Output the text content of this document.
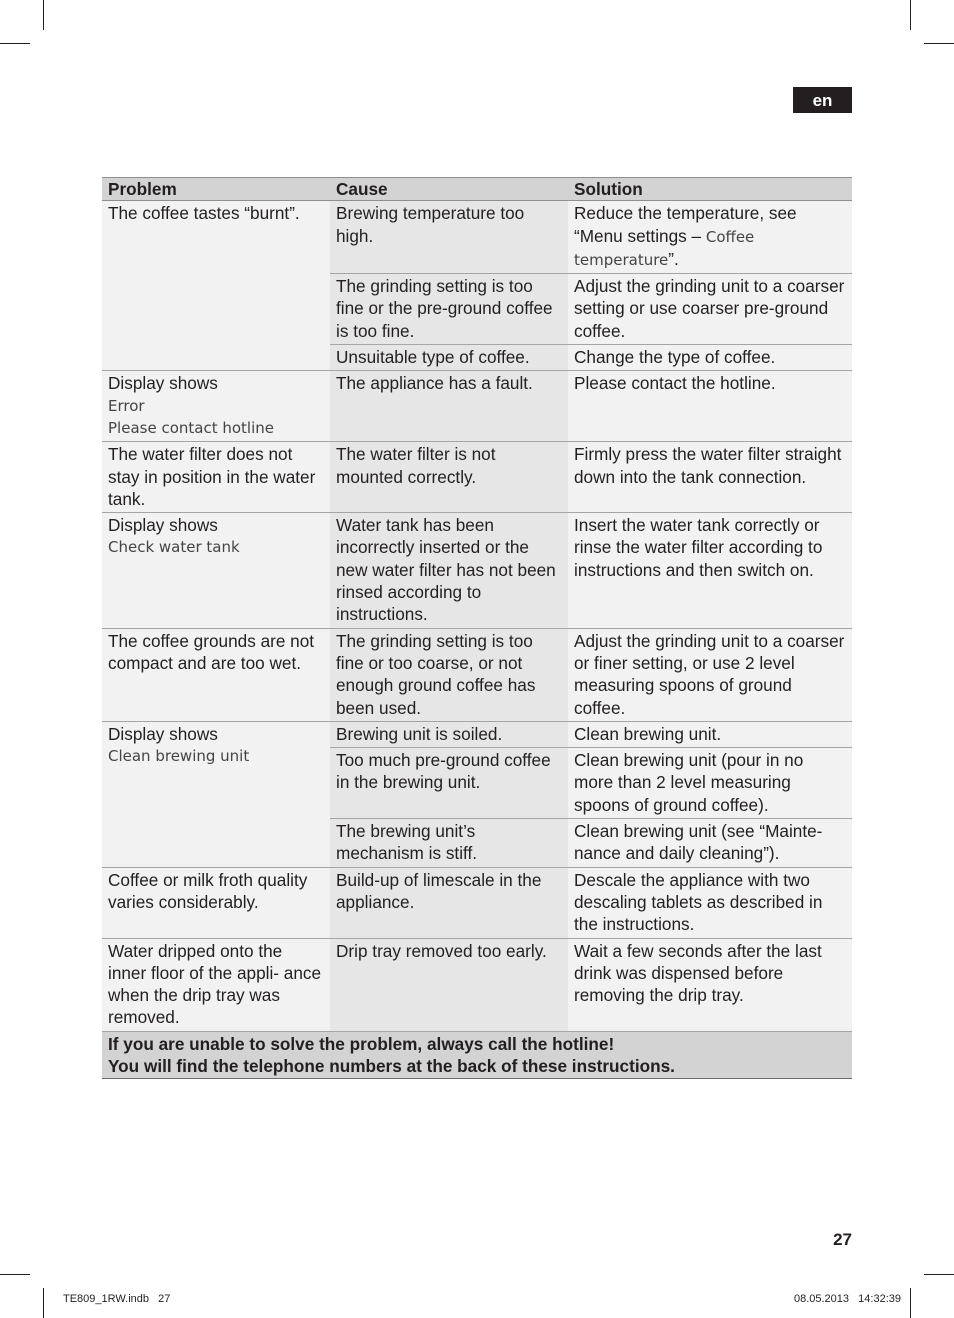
en
Problem	Cause	Solution
The coffee tastes “burnt”.	Brewing temperature too high.	Reduce the temperature, see “Menu settings – Coffee temperature”.
	The grinding setting is too fine or the pre-ground coffee is too fine.	Adjust the grinding unit to a coarser setting or use coarser pre-ground coffee.
	Unsuitable type of coffee.	Change the type of coffee.

Display shows
Error
Please contact hotline	The appliance has a fault.	Please contact the hotline.
The water filter does not stay in position in the water tank.	The water filter is not mounted correctly.	Firmly press the water filter straight down into the tank connection.

Display shows
Check water tank	Water tank has been incorrectly inserted or the new water filter has not been rinsed according to instructions.	Insert the water tank correctly or rinse the water filter according to instructions and then switch on.
The coffee grounds are not compact and are too wet.	The grinding setting is too fine or too coarse, or not enough ground coffee has been used.	Adjust the grinding unit to a coarser or finer setting, or use 2 level measuring spoons of ground coffee.

Display shows
Clean brewing unit	Brewing unit is soiled.	Clean brewing unit.
	Too much pre-ground coffee in the brewing unit.	Clean brewing unit (pour in no more than 2 level measuring spoons of ground coffee).
	The brewing unit’s mechanism is stiff.	Clean brewing unit (see “Mainte- nance and daily cleaning”).
Coffee or milk froth quality varies considerably.	Build-up of limescale in the appliance.	Descale the appliance with two descaling tablets as described in the instructions.
Water dripped onto the inner floor of the appli- ance when the drip tray was removed.	Drip tray removed too early.	Wait a few seconds after the last drink was dispensed before removing the drip tray.

If you are unable to solve the problem, always call the hotline!
You will find the telephone numbers at the back of these instructions.		
27
TE809_1RW.indb   27	08.05.2013   14:32:39
